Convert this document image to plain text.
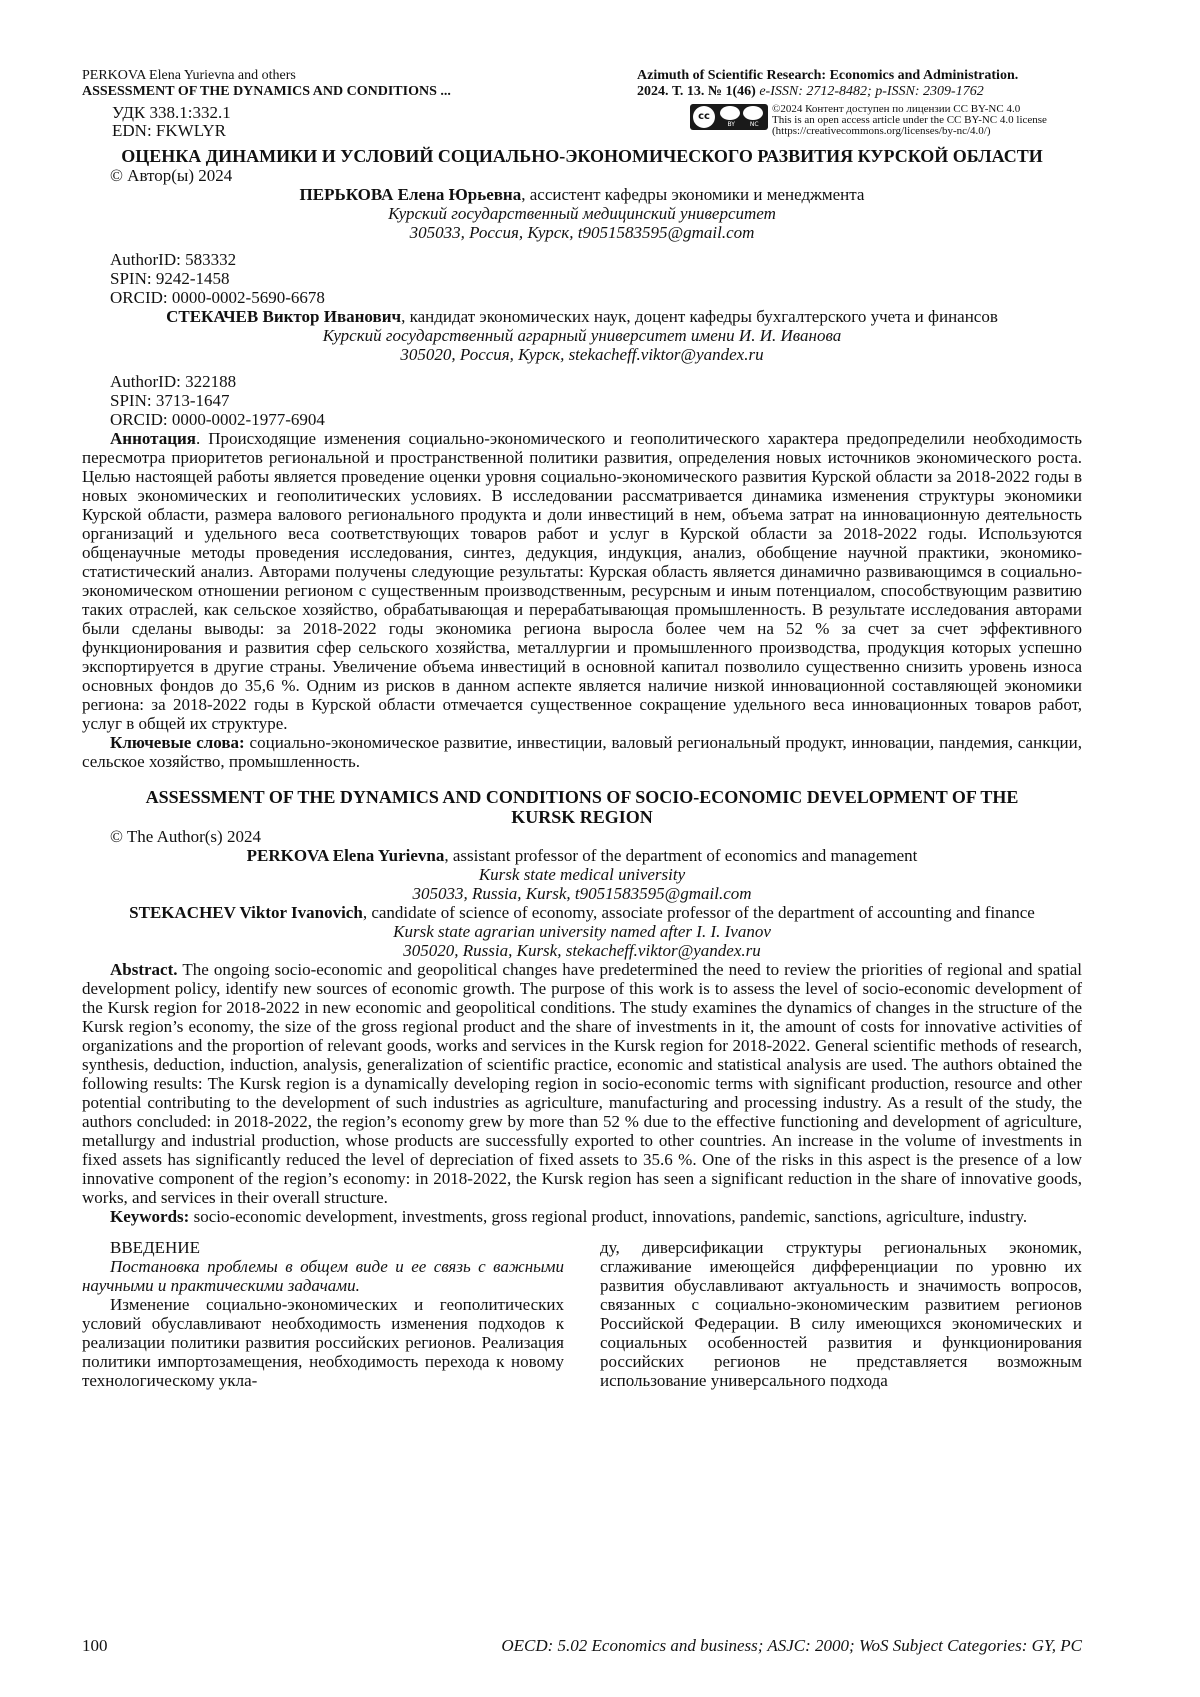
PERKOVA Elena Yurievna and others
ASSESSMENT OF THE DYNAMICS AND CONDITIONS ...
Azimuth of Scientific Research: Economics and Administration.
2024. Т. 13. № 1(46) e-ISSN: 2712-8482; p-ISSN: 2309-1762
УДК 338.1:332.1
EDN: FKWLYR
cc
BY NC
©2024 Контент доступен по лицензии CC BY-NC 4.0
This is an open access article under the CC BY-NC 4.0 license
(https://creativecommons.org/licenses/by-nc/4.0/)
ОЦЕНКА ДИНАМИКИ И УСЛОВИЙ СОЦИАЛЬНО-ЭКОНОМИЧЕСКОГО РАЗВИТИЯ КУРСКОЙ ОБЛАСТИ
© Автор(ы) 2024
ПЕРЬКОВА Елена Юрьевна, ассистент кафедры экономики и менеджмента
Курский государственный медицинский университет
305033, Россия, Курск, t9051583595@gmail.com
AuthorID: 583332
SPIN: 9242-1458
ORCID: 0000-0002-5690-6678
СТЕКАЧЕВ Виктор Иванович, кандидат экономических наук, доцент кафедры бухгалтерского учета и финансов
Курский государственный аграрный университет имени И. И. Иванова
305020, Россия, Курск, stekacheff.viktor@yandex.ru
AuthorID: 322188
SPIN: 3713-1647
ORCID: 0000-0002-1977-6904

Аннотация. Происходящие изменения социально-экономического и геополитического характера предопределили необходимость пересмотра приоритетов региональной и пространственной политики развития, определения новых источников экономического роста. Целью настоящей работы является проведение оценки уровня социально-экономического развития Курской области за 2018-2022 годы в новых экономических и геополитических условиях. В исследовании рассматривается динамика изменения структуры экономики Курской области, размера валового регионального продукта и доли инвестиций в нем, объема затрат на инновационную деятельность организаций и удельного веса соответствующих товаров работ и услуг в Курской области за 2018-2022 годы. Используются общенаучные методы проведения исследования, синтез, дедукция, индукция, анализ, обобщение научной практики, экономико-статистический анализ. Авторами получены следующие результаты: Курская область является динамично развивающимся в социально-экономическом отношении регионом с существенным производственным, ресурсным и иным потенциалом, способствующим развитию таких отраслей, как сельское хозяйство, обрабатывающая и перерабатывающая промышленность. В результате исследования авторами были сделаны выводы: за 2018-2022 годы экономика региона выросла более чем на 52 % за счет за счет эффективного функционирования и развития сфер сельского хозяйства, металлургии и промышленного производства, продукция которых успешно экспортируется в другие страны. Увеличение объема инвестиций в основной капитал позволило существенно снизить уровень износа основных фондов до 35,6 %. Одним из рисков в данном аспекте является наличие низкой инновационной составляющей экономики региона: за 2018-2022 годы в Курской области отмечается существенное сокращение удельного веса инновационных товаров работ, услуг в общей их структуре.

Ключевые слова: социально-экономическое развитие, инвестиции, валовый региональный продукт, инновации, пандемия, санкции, сельское хозяйство, промышленность.

ASSESSMENT OF THE DYNAMICS AND CONDITIONS OF SOCIO-ECONOMIC DEVELOPMENT OF THE KURSK REGION
© The Author(s) 2024
PERKOVA Elena Yurievna, assistant professor of the department of economics and management
Kursk state medical university
305033, Russia, Kursk, t9051583595@gmail.com
STEKACHEV Viktor Ivanovich, candidate of science of economy, associate professor of the department of accounting and finance
Kursk state agrarian university named after I. I. Ivanov
305020, Russia, Kursk, stekacheff.viktor@yandex.ru

Abstract. The ongoing socio-economic and geopolitical changes have predetermined the need to review the priorities of regional and spatial development policy, identify new sources of economic growth. The purpose of this work is to assess the level of socio-economic development of the Kursk region for 2018-2022 in new economic and geopolitical conditions. The study examines the dynamics of changes in the structure of the Kursk region’s economy, the size of the gross regional product and the share of investments in it, the amount of costs for innovative activities of organizations and the proportion of relevant goods, works and services in the Kursk region for 2018-2022. General scientific methods of research, synthesis, deduction, induction, analysis, generalization of scientific practice, economic and statistical analysis are used. The authors obtained the following results: The Kursk region is a dynamically developing region in socio-economic terms with significant production, resource and other potential contributing to the development of such industries as agriculture, manufacturing and processing industry. As a result of the study, the authors concluded: in 2018-2022, the region’s economy grew by more than 52 % due to the effective functioning and development of agriculture, metallurgy and industrial production, whose products are successfully exported to other countries. An increase in the volume of investments in fixed assets has significantly reduced the level of depreciation of fixed assets to 35.6 %. One of the risks in this aspect is the presence of a low innovative component of the region’s economy: in 2018-2022, the Kursk region has seen a significant reduction in the share of innovative goods, works, and services in their overall structure.

Keywords: socio-economic development, investments, gross regional product, innovations, pandemic, sanctions, agriculture, industry.

ВВЕДЕНИЕ
Постановка проблемы в общем виде и ее связь с важными научными и практическими задачами.

Изменение социально-экономических и геополитических условий обуславливают необходимость изменения подходов к реализации политики развития российских регионов. Реализация политики импортозамещения, необходимость перехода к новому технологическому укла-

ду, диверсификации структуры региональных экономик, сглаживание имеющейся дифференциации по уровню их развития обуславливают актуальность и значимость вопросов, связанных с социально-экономическим развитием регионов Российской Федерации. В силу имеющихся экономических и социальных особенностей развития и функционирования российских регионов не представляется возможным использование универсального подхода

100	OECD: 5.02 Economics and business; ASJC: 2000; WoS Subject Categories: GY, PC
